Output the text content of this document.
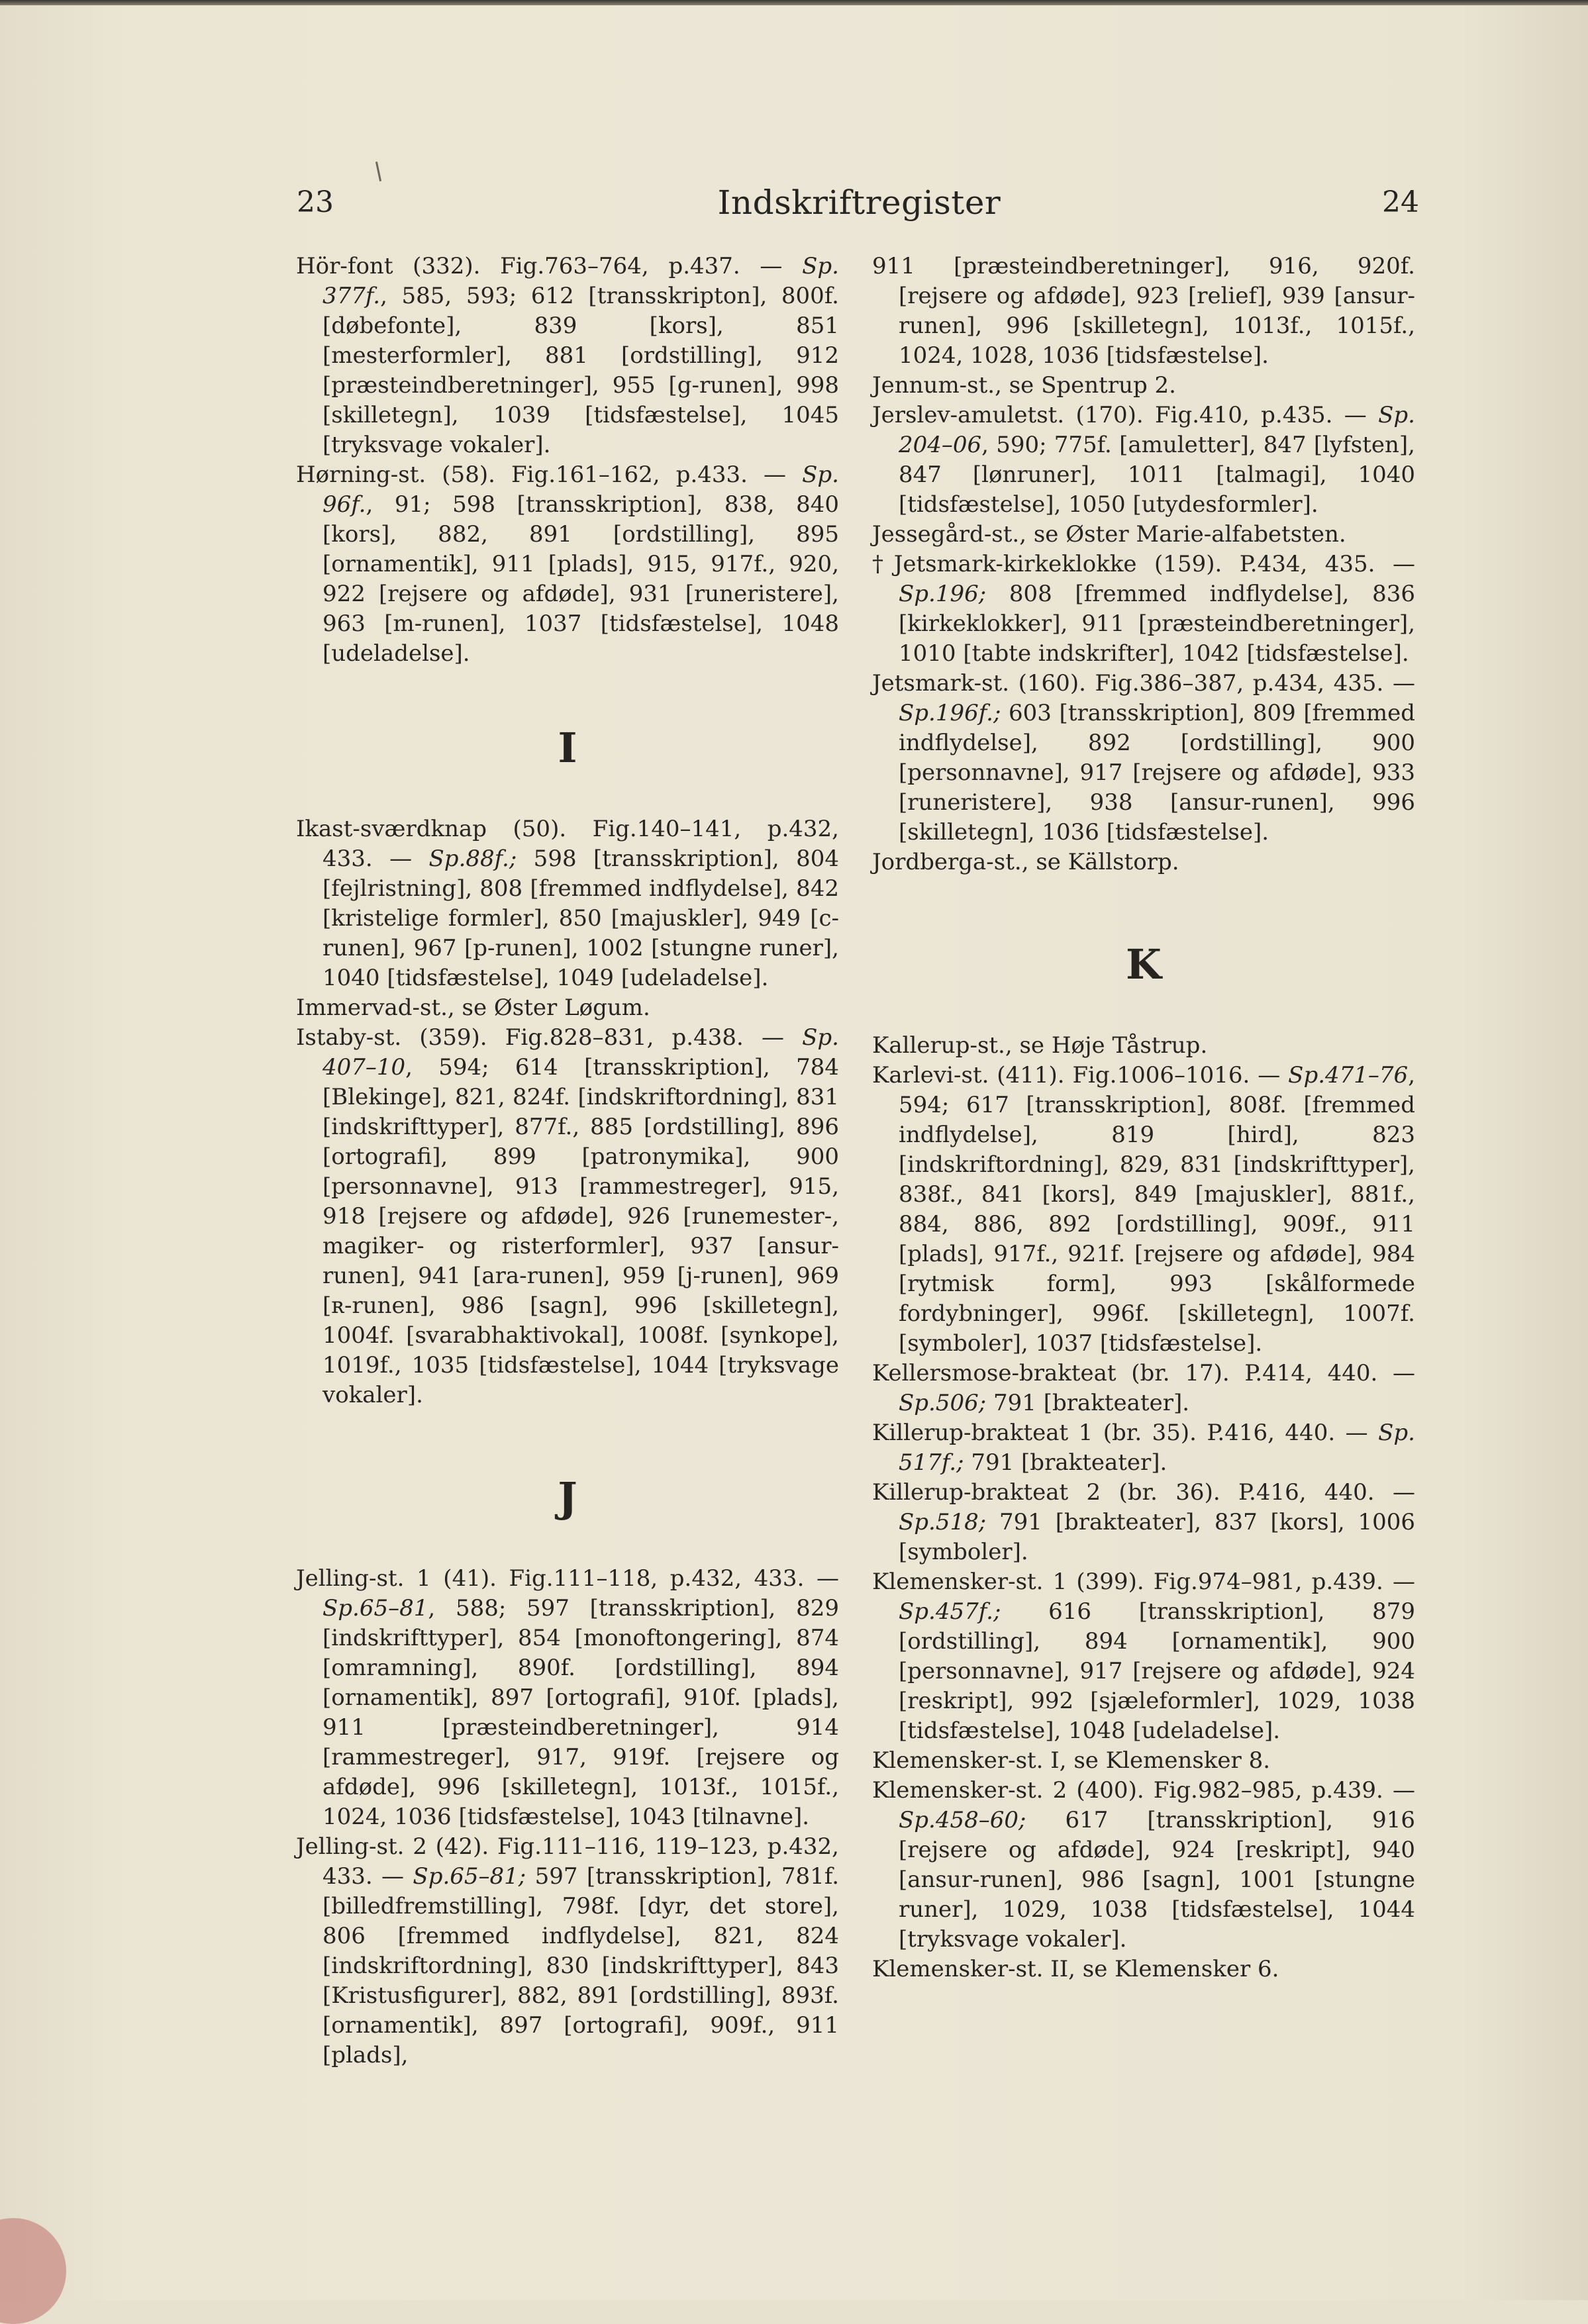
23	Indskriftregister	24
Hör-font (332). Fig.763–764, p.437. — Sp. 377f., 585, 593; 612 [transskripton], 800f. [døbefonte], 839 [kors], 851 [mesterformler], 881 [ordstilling], 912 [præsteindberetninger], 955 [g-runen], 998 [skilletegn], 1039 [tidsfæstelse], 1045 [tryksvage vokaler].
Hørning-st. (58). Fig.161–162, p.433. — Sp. 96f., 91; 598 [transskription], 838, 840 [kors], 882, 891 [ordstilling], 895 [ornamentik], 911 [plads], 915, 917f., 920, 922 [rejsere og afdøde], 931 [runeristere], 963 [m-runen], 1037 [tidsfæstelse], 1048 [udeladelse].
I
Ikast-sværdknap (50). Fig.140–141, p.432, 433. — Sp.88f.; 598 [transskription], 804 [fejlristning], 808 [fremmed indflydelse], 842 [kristelige formler], 850 [majuskler], 949 [c-runen], 967 [p-runen], 1002 [stungne runer], 1040 [tidsfæstelse], 1049 [udeladelse].
Immervad-st., se Øster Løgum.
Istaby-st. (359). Fig.828–831, p.438. — Sp. 407–10, 594; 614 [transskription], 784 [Blekinge], 821, 824f. [indskriftordning], 831 [indskrifttyper], 877f., 885 [ordstilling], 896 [ortografi], 899 [patronymika], 900 [personnavne], 913 [rammestreger], 915, 918 [rejsere og afdøde], 926 [runemester-, magiker- og risterformler], 937 [ansur-runen], 941 [ara-runen], 959 [j-runen], 969 [ʀ-runen], 986 [sagn], 996 [skilletegn], 1004f. [svarabhaktivokal], 1008f. [synkope], 1019f., 1035 [tidsfæstelse], 1044 [tryksvage vokaler].
J
Jelling-st. 1 (41). Fig.111–118, p.432, 433. — Sp.65–81, 588; 597 [transskription], 829 [indskrifttyper], 854 [monoftongering], 874 [omramning], 890f. [ordstilling], 894 [ornamentik], 897 [ortografi], 910f. [plads], 911 [præsteindberetninger], 914 [rammestreger], 917, 919f. [rejsere og afdøde], 996 [skilletegn], 1013f., 1015f., 1024, 1036 [tidsfæstelse], 1043 [tilnavne].
Jelling-st. 2 (42). Fig.111–116, 119–123, p.432, 433. — Sp.65–81; 597 [transskription], 781f. [billedfremstilling], 798f. [dyr, det store], 806 [fremmed indflydelse], 821, 824 [indskriftordning], 830 [indskrifttyper], 843 [Kristusfigurer], 882, 891 [ordstilling], 893f. [ornamentik], 897 [ortografi], 909f., 911 [plads],
911 [præsteindberetninger], 916, 920f. [rejsere og afdøde], 923 [relief], 939 [ansur-runen], 996 [skilletegn], 1013f., 1015f., 1024, 1028, 1036 [tidsfæstelse].
Jennum-st., se Spentrup 2.
Jerslev-amuletst. (170). Fig.410, p.435. — Sp. 204–06, 590; 775f. [amuletter], 847 [lyfsten], 847 [lønruner], 1011 [talmagi], 1040 [tidsfæstelse], 1050 [utydesformler].
Jessegård-st., se Øster Marie-alfabetsten.
†Jetsmark-kirkeklokke (159). P.434, 435. — Sp.196; 808 [fremmed indflydelse], 836 [kirkeklokker], 911 [præsteindberetninger], 1010 [tabte indskrifter], 1042 [tidsfæstelse].
Jetsmark-st. (160). Fig.386–387, p.434, 435. — Sp.196f.; 603 [transskription], 809 [fremmed indflydelse], 892 [ordstilling], 900 [personnavne], 917 [rejsere og afdøde], 933 [runeristere], 938 [ansur-runen], 996 [skilletegn], 1036 [tidsfæstelse].
Jordberga-st., se Källstorp.
K
Kallerup-st., se Høje Tåstrup.
Karlevi-st. (411). Fig.1006–1016. — Sp.471–76, 594; 617 [transskription], 808f. [fremmed indflydelse], 819 [hird], 823 [indskriftordning], 829, 831 [indskrifttyper], 838f., 841 [kors], 849 [majuskler], 881f., 884, 886, 892 [ordstilling], 909f., 911 [plads], 917f., 921f. [rejsere og afdøde], 984 [rytmisk form], 993 [skålformede fordybninger], 996f. [skilletegn], 1007f. [symboler], 1037 [tidsfæstelse].
Kellersmose-brakteat (br. 17). P.414, 440. — Sp.506; 791 [brakteater].
Killerup-brakteat 1 (br. 35). P.416, 440. — Sp. 517f.; 791 [brakteater].
Killerup-brakteat 2 (br. 36). P.416, 440. — Sp.518; 791 [brakteater], 837 [kors], 1006 [symboler].
Klemensker-st. 1 (399). Fig.974–981, p.439. — Sp.457f.; 616 [transskription], 879 [ordstilling], 894 [ornamentik], 900 [personnavne], 917 [rejsere og afdøde], 924 [reskript], 992 [sjæleformler], 1029, 1038 [tidsfæstelse], 1048 [udeladelse].
Klemensker-st. I, se Klemensker 8.
Klemensker-st. 2 (400). Fig.982–985, p.439. — Sp.458–60; 617 [transskription], 916 [rejsere og afdøde], 924 [reskript], 940 [ansur-runen], 986 [sagn], 1001 [stungne runer], 1029, 1038 [tidsfæstelse], 1044 [tryksvage vokaler].
Klemensker-st. II, se Klemensker 6.
